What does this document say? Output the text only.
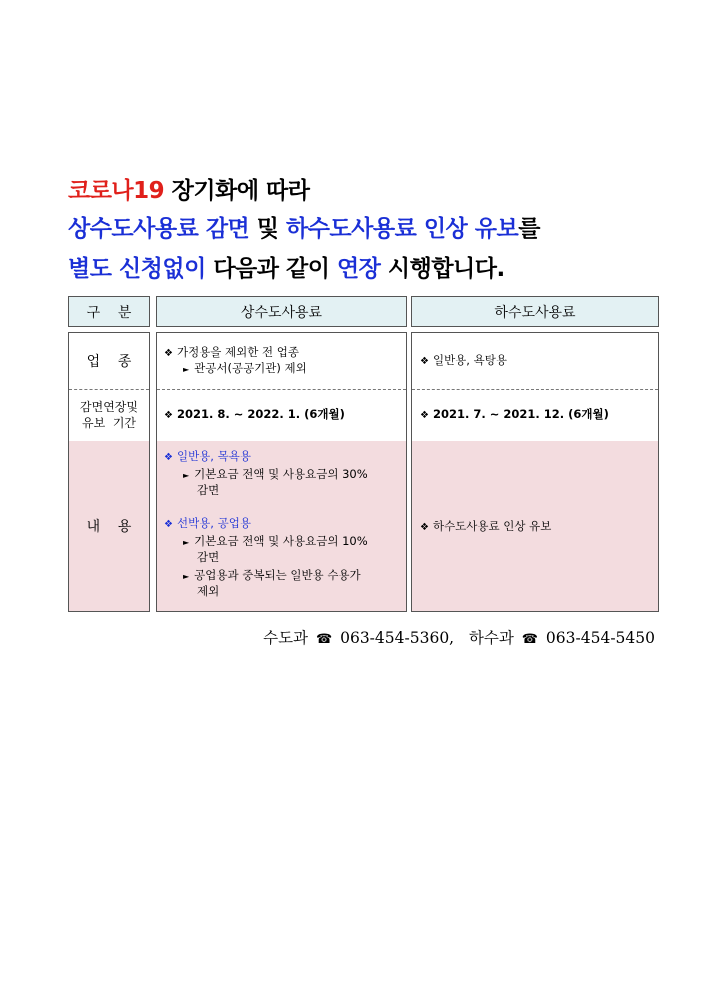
코로나19 장기화에 따라
상수도사용료 감면 및 하수도사용료 인상 유보를
별도 신청없이 다음과 같이 연장 시행합니다.
구    분	상수도사용료	하수도사용료
업    종
감면연장및
유보  기간
내    용
❖ 가정용을 제외한 전 업종
► 관공서(공공기관) 제외
❖ 2021. 8. ~ 2022. 1. (6개월)
❖ 일반용, 목욕용
► 기본요금 전액 및 사용요금의 30%
감면
❖ 선박용, 공업용
► 기본요금 전액 및 사용요금의 10%
감면
► 공업용과 중복되는 일반용 수용가
제외
❖ 일반용, 욕탕용
❖ 2021. 7. ~ 2021. 12. (6개월)
❖ 하수도사용료 인상 유보
수도과 ☎ 063-454-5360, 하수과 ☎ 063-454-5450
